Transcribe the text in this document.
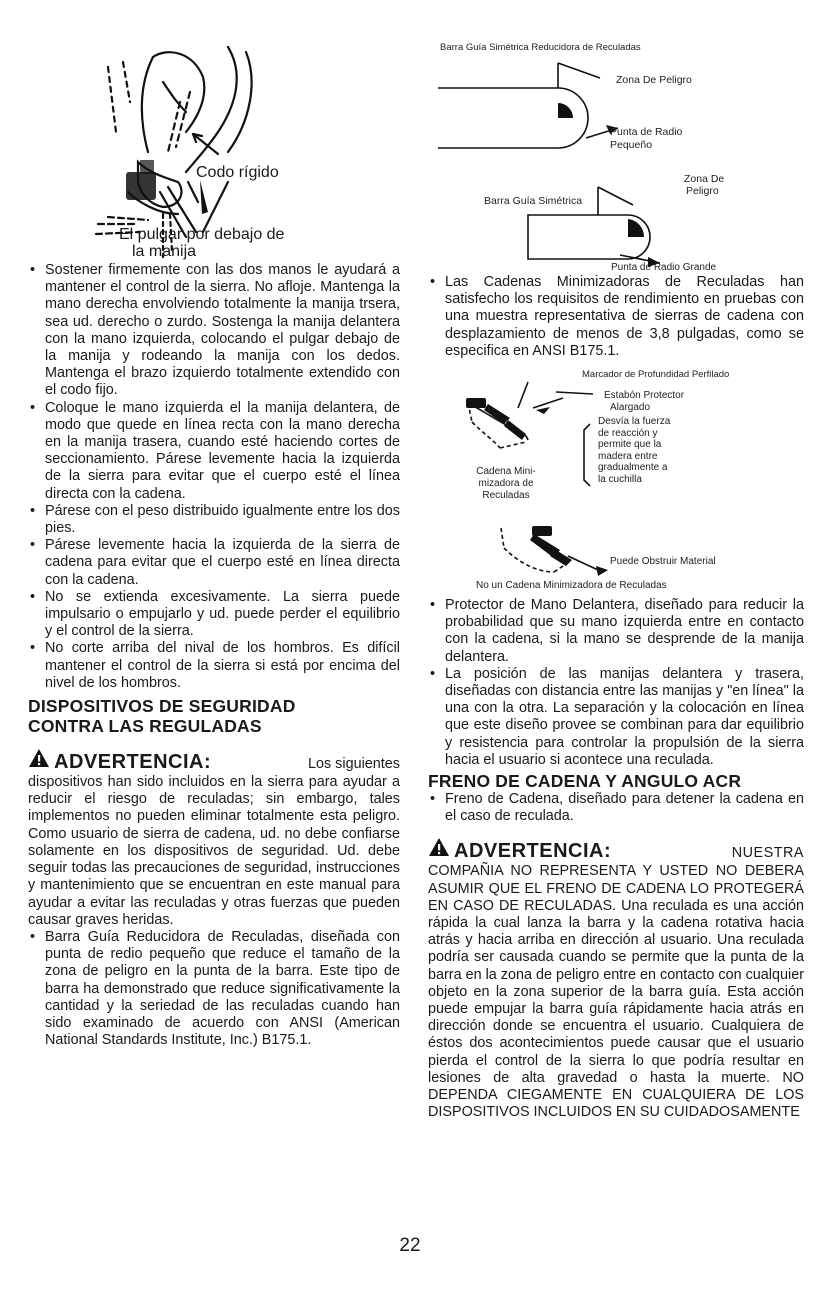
Codo rígido
El pulgar por debajo de
la manija
• Sostener firmemente con las dos manos le ayudará a mantener el control de la sierra. No afloje. Mantenga la mano derecha envolviendo totalmente la manija trsera, sea ud. derecho o zurdo. Sostenga la manija delantera con la mano izquierda, colocando el pulgar debajo de la manija y rodeando la manija con los dedos. Mantenga el brazo izquierdo totalmente extendido con el codo fijo.
• Coloque le mano izquierda el la manija delantera, de modo que quede en línea recta con la mano derecha en la manija trasera, cuando esté haciendo cortes de seccionamiento. Párese levemente hacia la izquierda de la sierra para evitar que el cuerpo esté el línea directa con la cadena.
• Párese con el peso distribuido igualmente entre los dos pies.
• Párese levemente hacia la izquierda de la sierra de cadena para evitar que el cuerpo esté en línea directa con la cadena.
• No se extienda excesivamente. La sierra puede impulsario o empujarlo y ud. puede perder el equilibrio y el control de la sierra.
• No corte arriba del nival de los hombros. Es difícil mantener el control de la sierra si está por encima del nivel de los hombros.
DISPOSITIVOS DE SEGURIDAD
CONTRA LAS REGULADAS
ADVERTENCIA:	Los siguientes

dispositivos han sido incluidos en la sierra para ayudar a reducir el riesgo de reculadas; sin embargo, tales implementos no pueden eliminar totalmente esta peligro. Como usuario de sierra de cadena, ud. no debe confiarse solamente en los dispositivos de seguridad. Ud. debe seguir todas las precauciones de seguridad, instrucciones y mantenimiento que se encuentran en este manual para ayudar a evitar las reculadas y otras fuerzas que pueden causar graves heridas.

• Barra Guía Reducidora de Reculadas, diseñada con punta de redio pequeño que reduce el tamaño de la zona de peligro en la punta de la barra. Este tipo de barra ha demonstrado que reduce significativamente la cantidad y la seriedad de las reculadas cuando han sido examinado de acuerdo con ANSI (American National Standards Institute, Inc.) B175.1.
Barra Guía Simétrica Reducidora de Reculadas
Zona De Peligro
Punta de Radio
Pequeño
Barra Guía Simétrica
Zona De
Peligro
Punta de Radio Grande
• Las Cadenas Minimizadoras de Reculadas han satisfecho los requisitos de rendimiento en pruebas con una muestra representativa de sierras de cadena con desplazamiento de menos de 3,8 pulgadas, como se especifica en ANSI B175.1.
Marcador de Profundidad Perfilado
Estabón Protector
Alargado
Desvía la fuerza
de reacción y
permite que la
madera entre
gradualmente a
la cuchilla
Cadena Mini-
mizadora de
Reculadas
Puede Obstruir Material
No un Cadena Minimizadora de Reculadas
• Protector de Mano Delantera, diseñado para reducir la probabilidad que su mano izquierda entre en contacto con la cadena, si la mano se desprende de la manija delantera.
• La posición de las manijas delantera y trasera, diseñadas con distancia entre las manijas y "en línea" la una con la otra. La separación y la colocación en línea que este diseño provee se combinan para dar equilibrio y resistencia para controlar la propulsión de la sierra hacia el usuario si acontece una reculada.
FRENO DE CADENA Y ANGULO ACR
• Freno de Cadena, diseñado para detener la cadena en el caso de reculada.
ADVERTENCIA:	NUESTRA

COMPAÑIA NO REPRESENTA Y USTED NO DEBERA ASUMIR QUE EL FRENO DE CADENA LO PROTEGERÁ EN CASO DE RECULADAS. Una reculada es una acción rápida la cual lanza la barra y la cadena rotativa hacia atrás y hacia arriba en dirección al usuario. Una reculada podría ser causada cuando se permite que la punta de la barra en la zona de peligro entre en contacto con cualquier objeto en la zona superior de la barra guía. Esta acción puede empujar la barra guía rápidamente hacia atrás en dirección donde se encuentra el usuario. Cualquiera de éstos dos acontecimientos puede causar que el usuario pierda el control de la sierra lo que podría resultar en lesiones de alta gravedad o hasta la muerte. NO DEPENDA CIEGAMENTE EN CUALQUIERA DE LOS DISPOSITIVOS INCLUIDOS EN SU CUIDADOSAMENTE

22
